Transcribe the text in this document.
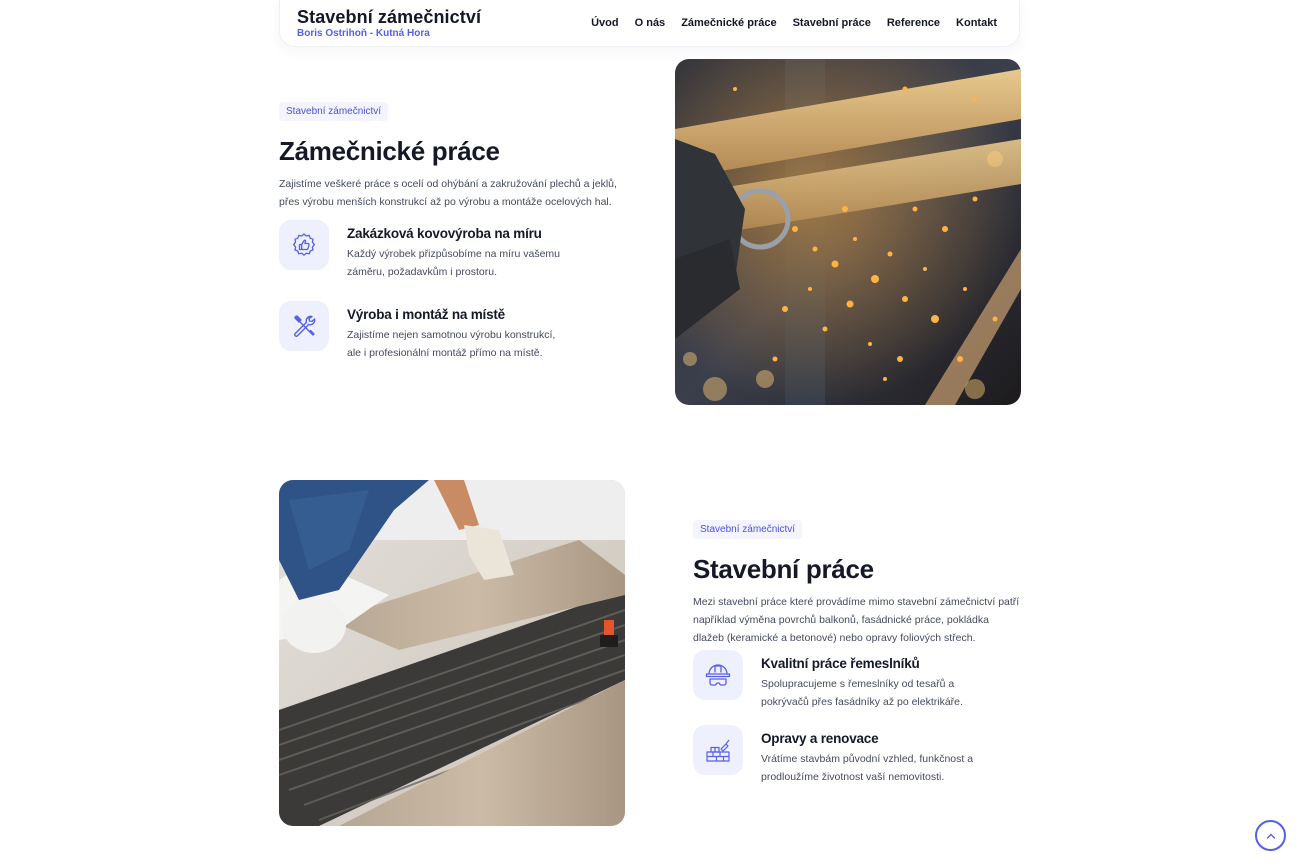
Stavební zámečnictví
Boris Ostrihoň - Kutná Hora
Úvod O nás Zámečnické práce Stavební práce Reference Kontakt
Stavební zámečnictví
Zámečnické práce

Zajistíme veškeré práce s ocelí od ohýbání a zakružování plechů a jeklů,
přes výrobu menších konstrukcí až po výrobu a montáže ocelových hal.

Zakázková kovovýroba na míru
Každý výrobek přizpůsobíme na míru vašemu
záměru, požadavkům i prostoru.
Výroba i montáž na místě
Zajistíme nejen samotnou výrobu konstrukcí,
ale i profesionální montáž přímo na místě.
Stavební zámečnictví
Stavební práce

Mezi stavební práce které provádíme mimo stavební zámečnictví patří
například výměna povrchů balkonů, fasádnické práce, pokládka
dlažeb (keramické a betonové) nebo opravy foliových střech.

Kvalitní práce řemeslníků
Spolupracujeme s řemeslníky od tesařů a
pokrývačů přes fasádníky až po elektrikáře.
Opravy a renovace
Vrátíme stavbám původní vzhled, funkčnost a
prodloužíme životnost vaší nemovitosti.
